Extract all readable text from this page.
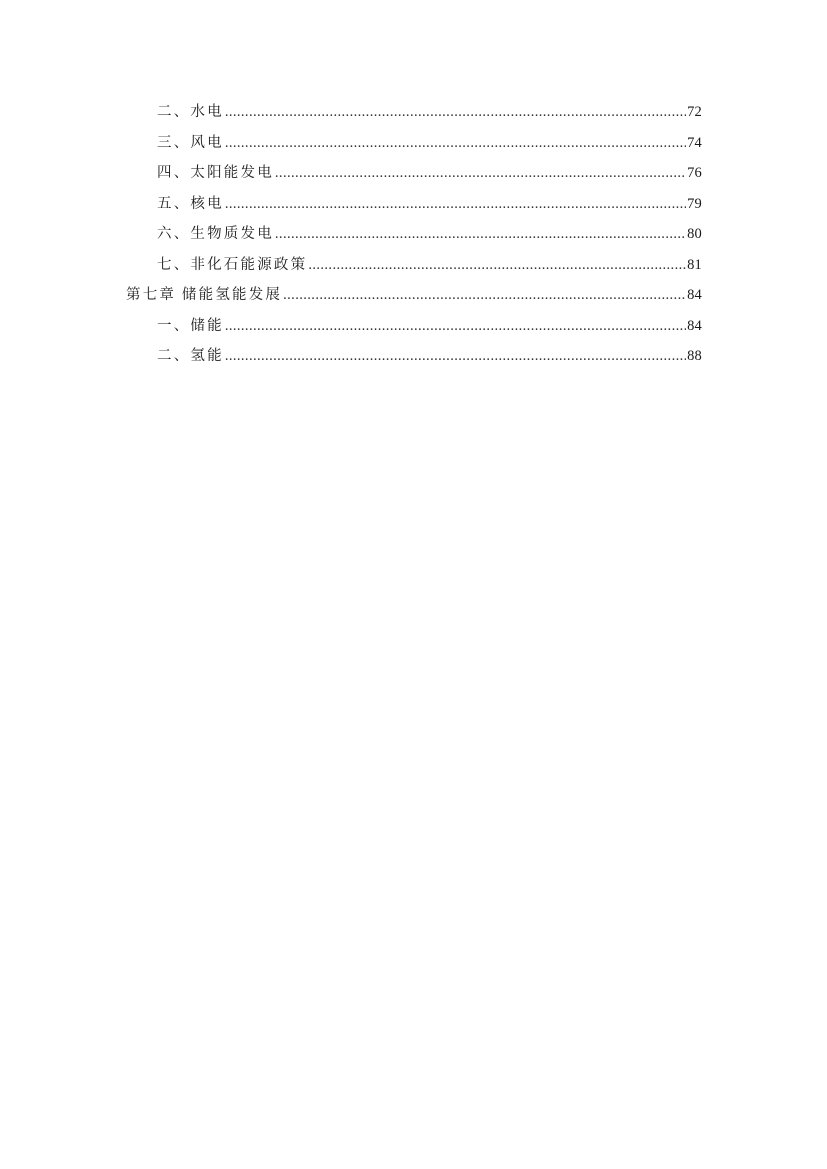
二、水电 .....	72
三、风电 .....	74
四、太阳能发电 .....	76
五、核电 .....	79
六、生物质发电 .....	80
七、非化石能源政策 .....	81
第七章 储能氢能发展 .....	84
一、储能 .....	84
二、氢能 .....	88
